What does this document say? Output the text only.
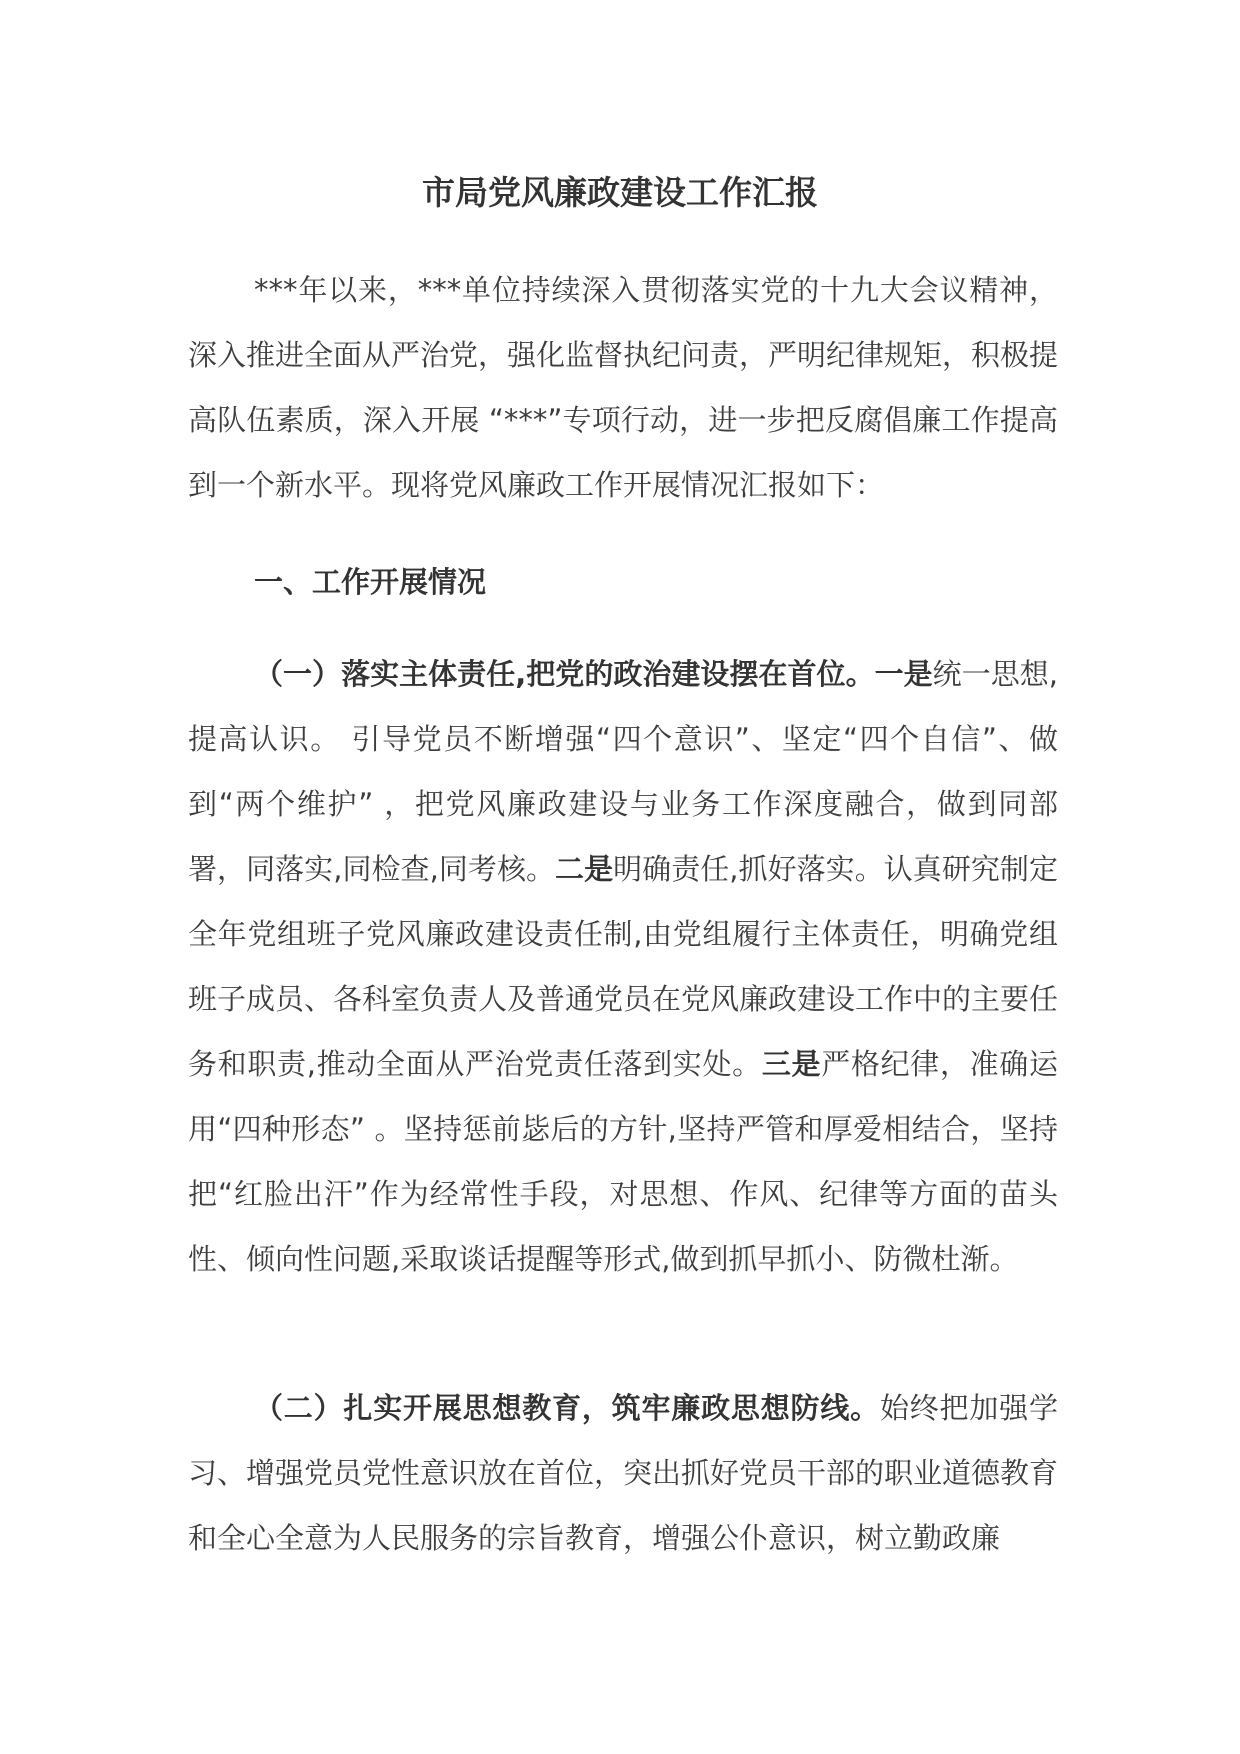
市局党风廉政建设工作汇报

***年以来，***单位持续深入贯彻落实党的十九大会议精神，深入推进全面从严治党，强化监督执纪问责，严明纪律规矩，积极提高队伍素质，深入开展 “***”专项行动，进一步把反腐倡廉工作提高到一个新水平。现将党风廉政工作开展情况汇报如下：

一、工作开展情况

（一）落实主体责任,把党的政治建设摆在首位。一是统一思想,提高认识。 引导党员不断增强“四个意识”、坚定“四个自信”、做到“两个维护” ，把党风廉政建设与业务工作深度融合，做到同部署，同落实,同检查,同考核。二是明确责任,抓好落实。认真研究制定全年党组班子党风廉政建设责任制,由党组履行主体责任，明确党组班子成员、各科室负责人及普通党员在党风廉政建设工作中的主要任务和职责,推动全面从严治党责任落到实处。三是严格纪律，准确运用“四种形态” 。坚持惩前毖后的方针,坚持严管和厚爱相结合，坚持把“红脸出汗”作为经常性手段，对思想、作风、纪律等方面的苗头性、倾向性问题,采取谈话提醒等形式,做到抓早抓小、防微杜渐。

（二）扎实开展思想教育，筑牢廉政思想防线。始终把加强学习、增强党员党性意识放在首位，突出抓好党员干部的职业道德教育和全心全意为人民服务的宗旨教育，增强公仆意识，树立勤政廉
